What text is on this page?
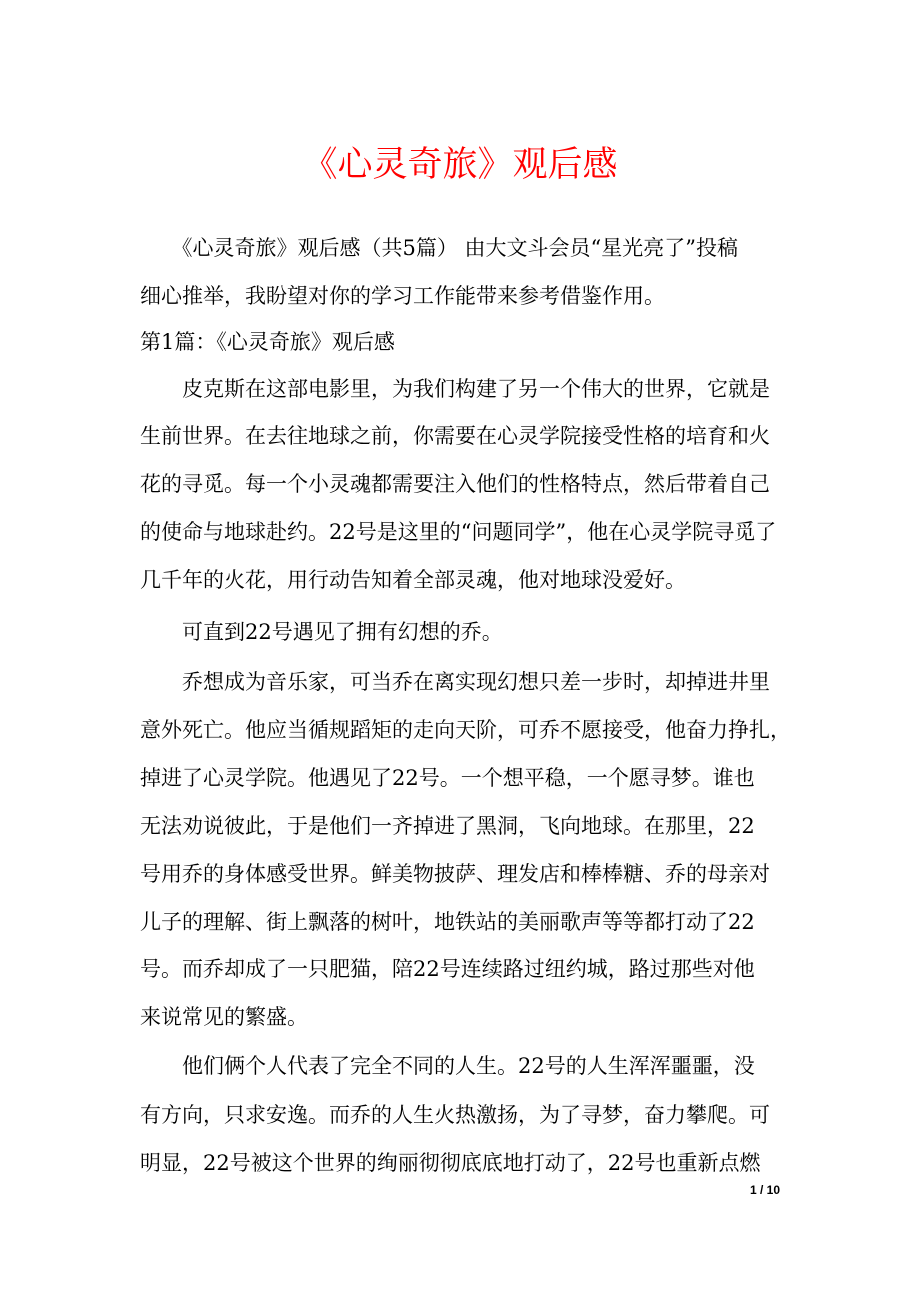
《心灵奇旅》观后感

　　《心灵奇旅》观后感（共5篇） 由大文斗会员“星光亮了”投稿

细心推举，我盼望对你的学习工作能带来参考借鉴作用。

第1篇：《心灵奇旅》观后感

　　皮克斯在这部电影里，为我们构建了另一个伟大的世界，它就是

生前世界。在去往地球之前，你需要在心灵学院接受性格的培育和火

花的寻觅。每一个小灵魂都需要注入他们的性格特点，然后带着自己

的使命与地球赴约。22号是这里的“问题同学”，他在心灵学院寻觅了

几千年的火花，用行动告知着全部灵魂，他对地球没爱好。

　　可直到22号遇见了拥有幻想的乔。

　　乔想成为音乐家，可当乔在离实现幻想只差一步时，却掉进井里

意外死亡。他应当循规蹈矩的走向天阶，可乔不愿接受，他奋力挣扎，

掉进了心灵学院。他遇见了22号。一个想平稳，一个愿寻梦。谁也

无法劝说彼此，于是他们一齐掉进了黑洞，飞向地球。在那里，22

号用乔的身体感受世界。鲜美物披萨、理发店和棒棒糖、乔的母亲对

儿子的理解、街上飘落的树叶，地铁站的美丽歌声等等都打动了22

号。而乔却成了一只肥猫，陪22号连续路过纽约城，路过那些对他

来说常见的繁盛。

　　他们俩个人代表了完全不同的人生。22号的人生浑浑噩噩，没

有方向，只求安逸。而乔的人生火热激扬，为了寻梦，奋力攀爬。可

明显，22号被这个世界的绚丽彻彻底底地打动了，22号也重新点燃

1 / 10
